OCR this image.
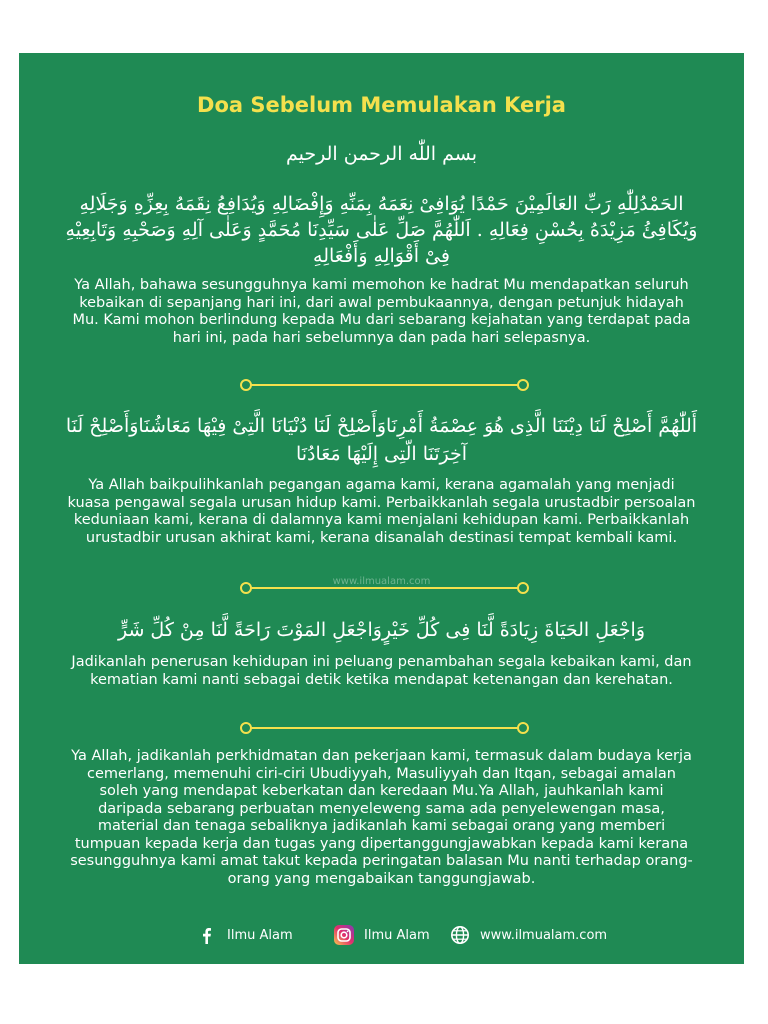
Doa Sebelum Memulakan Kerja
بسم اللّٰه الرحمن الرحيم
الحَمْدُلِلّٰهِ رَبِّ العَالَمِيْنَ حَمْدًا يُوَافِىْ نِعَمَهُ بِمَنِّهِ وَإِفْضَالِهِ وَيُدَافِعُ نِقَمَهُ بِعِزِّهِ وَجَلَالِهِ وَيُكَافِئُ مَزِيْدَهُ بِحُسْنِ فِعَالِهِ . اَللّٰهُمَّ صَلِّ عَلٰى سَيِّدِنَا مُحَمَّدٍ وَعَلٰى آلِهِ وَصَحْبِهِ وَتَابِعِيْهِ فِىْ أَقْوَالِهِ وَأَفْعَالِهِ
Ya Allah, bahawa sesungguhnya kami memohon ke hadrat Mu mendapatkan seluruh kebaikan di sepanjang hari ini, dari awal pembukaannya, dengan petunjuk hidayah Mu. Kami mohon berlindung kepada Mu dari sebarang kejahatan yang terdapat pada hari ini, pada hari sebelumnya dan pada hari selepasnya.
أَللّٰهُمَّ أَصْلِحْ لَنَا دِيْنَنَا الَّذِى هُوَ عِصْمَةُ أَمْرِنَاوَأَصْلِحْ لَنَا دُنْيَانَا الَّتِىْ فِيْهَا مَعَاشُنَاوَأَصْلِحْ لَنَا آخِرَتَنَا الّتِى إِلَيْهَا مَعَادُنَا
Ya Allah baikpulihkanlah pegangan agama kami, kerana agamalah yang menjadi kuasa pengawal segala urusan hidup kami. Perbaikkanlah segala urustadbir persoalan keduniaan kami, kerana di dalamnya kami menjalani kehidupan kami. Perbaikkanlah urustadbir urusan akhirat kami, kerana disanalah destinasi tempat kembali kami.
www.ilmualam.com
وَاجْعَلِ الحَيَاةَ زِيَادَةً لَّنَا فِى كُلِّ خَيْرٍوَاجْعَلِ المَوْتَ رَاحَةً لَّنَا مِنْ كُلِّ شَرٍّ
Jadikanlah penerusan kehidupan ini peluang penambahan segala kebaikan kami, dan kematian kami nanti sebagai detik ketika mendapat ketenangan dan kerehatan.
Ya Allah, jadikanlah perkhidmatan dan pekerjaan kami, termasuk dalam budaya kerja cemerlang, memenuhi ciri-ciri Ubudiyyah, Masuliyyah dan Itqan, sebagai amalan soleh yang mendapat keberkatan dan keredaan Mu.Ya Allah, jauhkanlah kami daripada sebarang perbuatan menyeleweng sama ada penyelewengan masa, material dan tenaga sebaliknya jadikanlah kami sebagai orang yang memberi tumpuan kepada kerja dan tugas yang dipertanggungjawabkan kepada kami kerana sesungguhnya kami amat takut kepada peringatan balasan Mu nanti terhadap orang-orang yang mengabaikan tanggungjawab.
Ilmu Alam	Ilmu Alam	www.ilmualam.com
